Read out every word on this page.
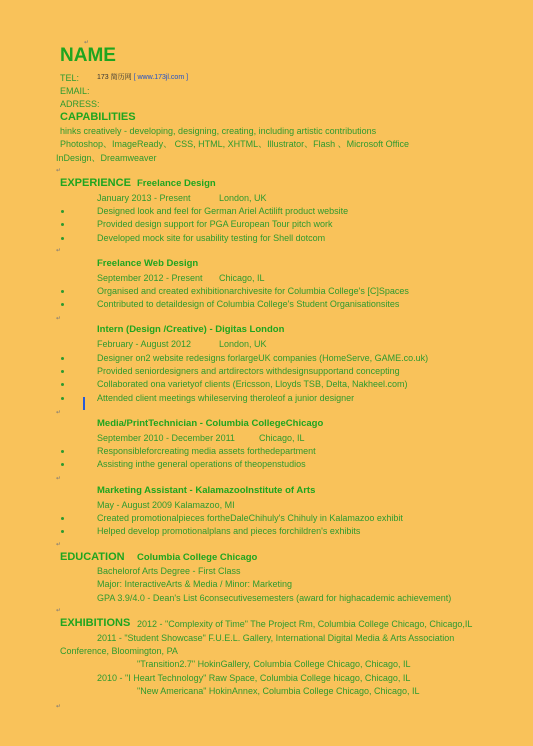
NAME
TEL:	173 简历网 [ www.173jl.com ]
EMAIL:
ADRESS:
CAPABILITIES
hinks creatively - developing, designing, creating, including artistic contributions
Photoshop、ImageReady、 CSS, HTML, XHTML、Illustrator、Flash 、Microsoft Office
InDesign、Dreamweaver
EXPERIENCE Freelance Design
January 2013 - Present	London, UK
Designed look and feel for German Ariel Actilift product website
Provided design support for PGA European Tour pitch work
Developed mock site for usability testing for Shell dotcom
Freelance Web Design
September 2012 - Present Chicago, IL
Organised and created exhibitionarchivesite for Columbia College's [C]Spaces
Contributed to detaildesign of Columbia College's Student Organisationsites
Intern (Design /Creative) - Digitas London
February - August 2012	London, UK
Designer on2 website redesigns forlargeUK companies (HomeServe, GAME.co.uk)
Provided seniordesigners and artdirectors withdesignsupportand concepting
Collaborated ona varietyof clients (Ericsson, Lloyds TSB, Delta, Nakheel.com)
Attended client meetings whileserving theroleof a junior designer
Media/PrintTechnician - Columbia CollegeChicago
September 2010 - December 2011	Chicago, IL
Responsibleforcreating media assets forthedepartment
Assisting inthe general operations of theopenstudios
Marketing Assistant - KalamazooInstitute of Arts
May - August 2009 Kalamazoo, MI
Created promotionalpieces fortheDaleChihuly's Chihuly in Kalamazoo exhibit
Helped develop promotionalplans and pieces forchildren's exhibits
EDUCATION Columbia College Chicago
Bachelorof Arts Degree - First Class
Major: InteractiveArts & Media / Minor: Marketing
GPA 3.9/4.0 - Dean's List 6consecutivesemesters (award for highacademic achievement)
EXHIBITIONS 2012 - "Complexity of Time" The Project Rm, Columbia College Chicago, Chicago,IL
2011 - "Student Showcase" F.U.E.L. Gallery, International Digital Media & Arts Association
Conference, Bloomington, PA
"Transition2.7" HokinGallery, Columbia College Chicago, Chicago, IL
2010 - "I Heart Technology" Raw Space, Columbia College hicago, Chicago, IL
"New Americana" HokinAnnex, Columbia College Chicago, Chicago, IL
↵
↵
↵
↵
↵
↵
↵
↵
↵
